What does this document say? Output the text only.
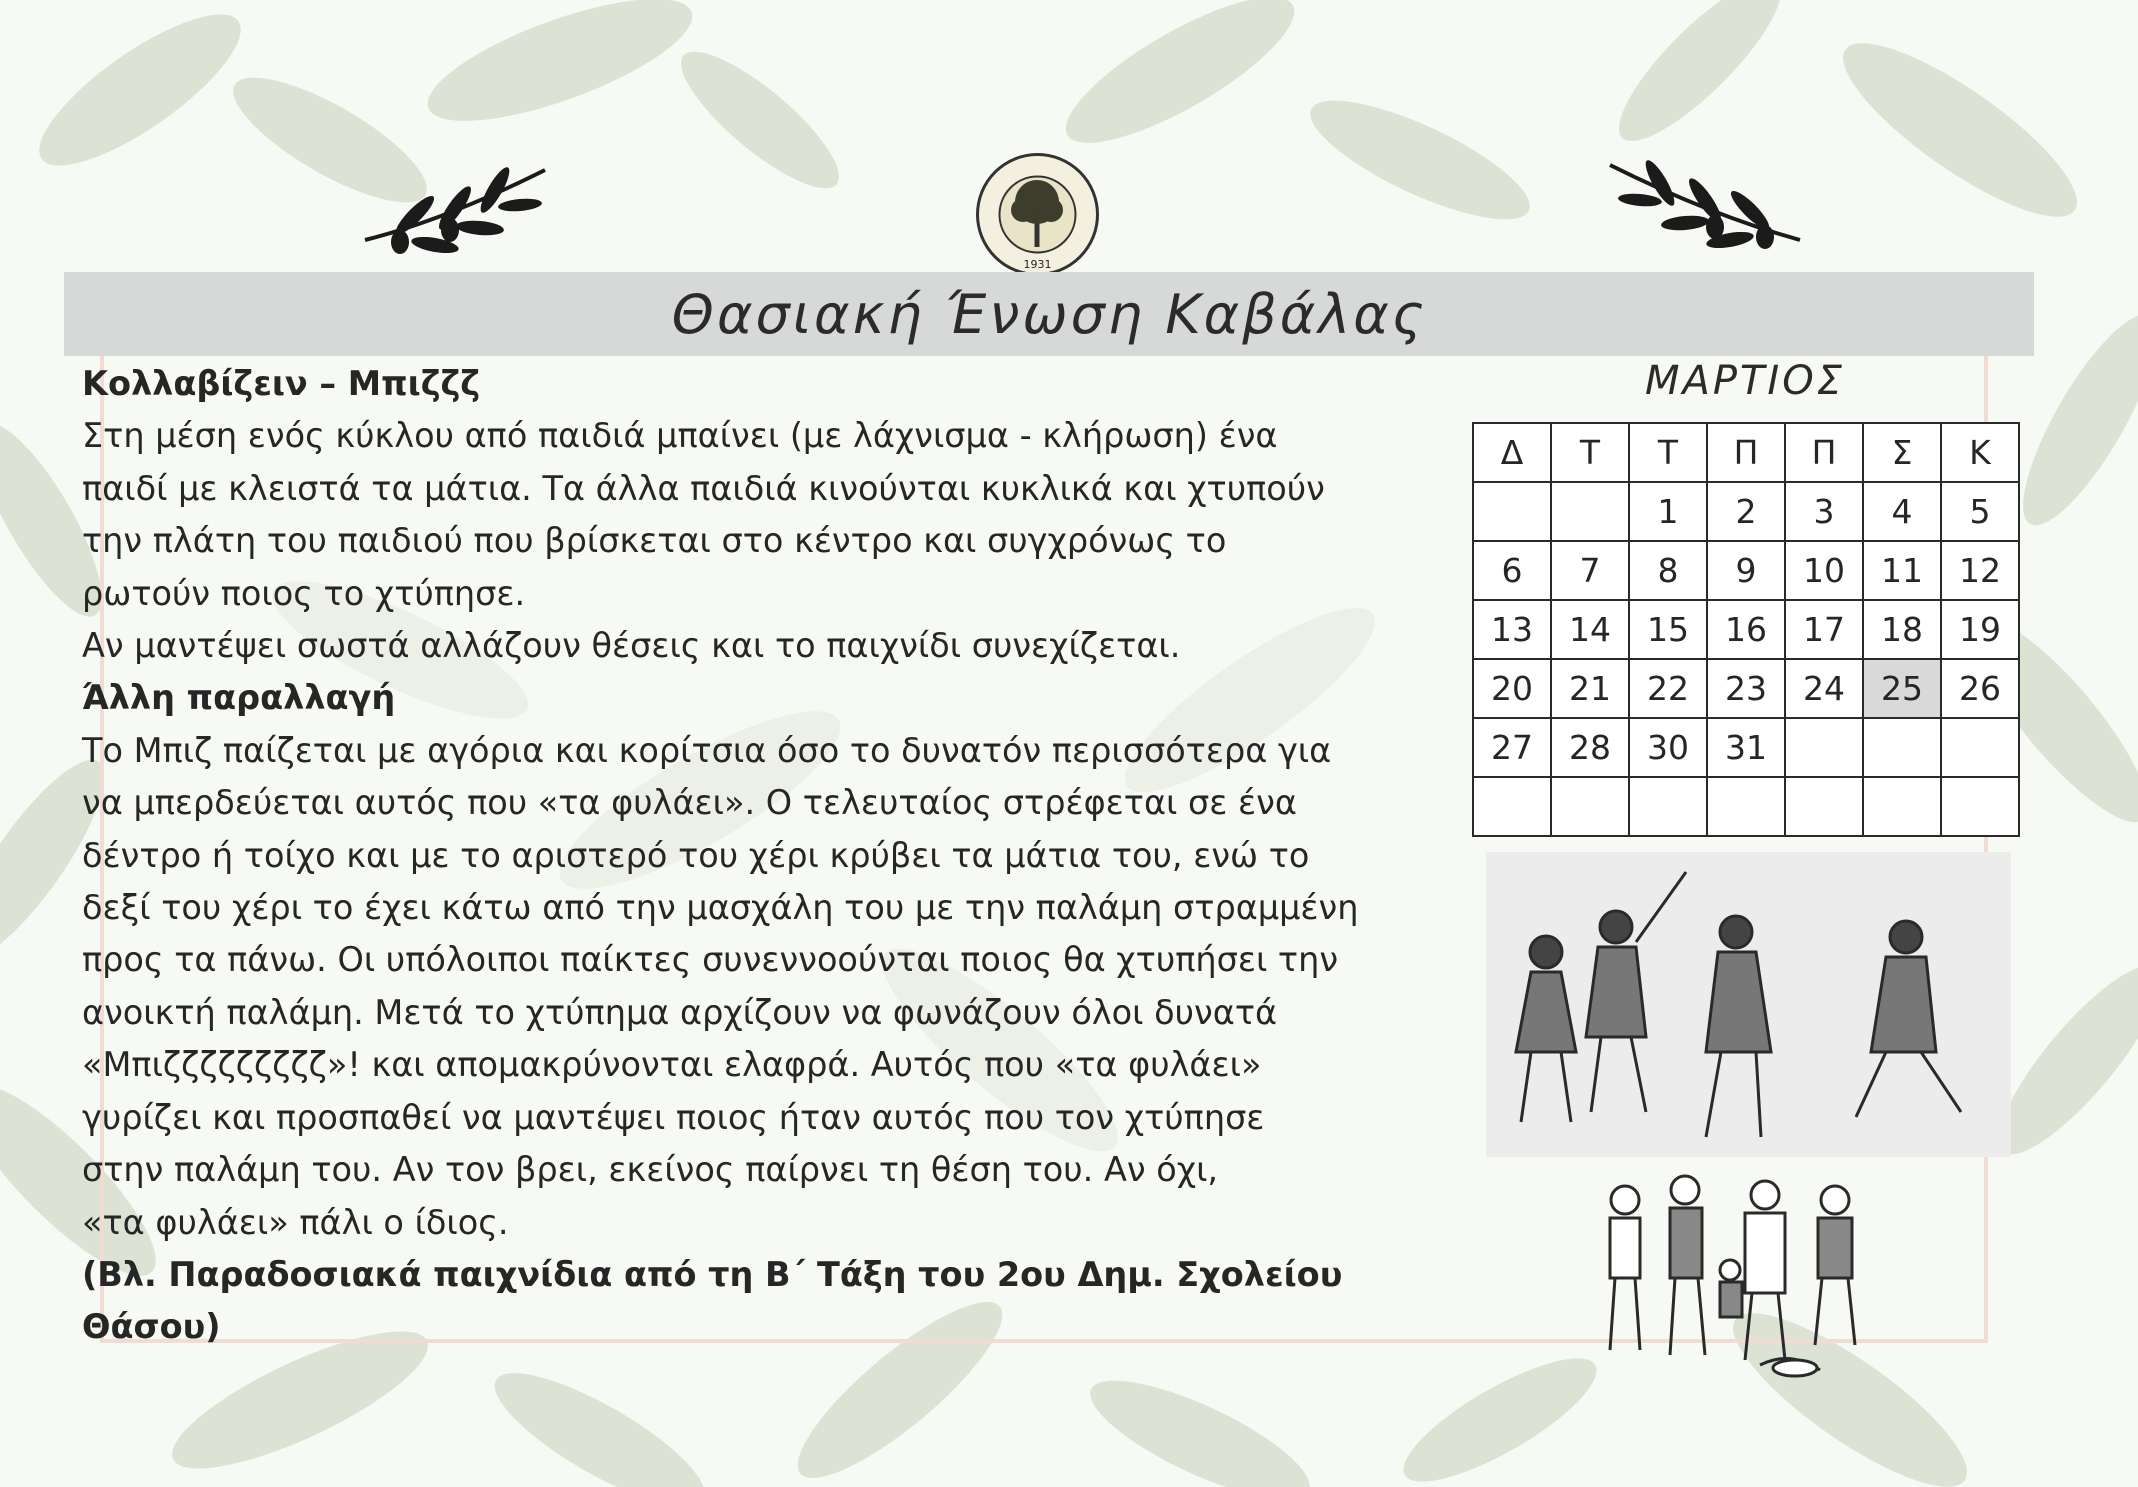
1931
Θασιακή Ένωση Καβάλας

Κολλαβίζειν – Μπιζζζ

Στη μέση ενός κύκλου από παιδιά μπαίνει (με λάχνισμα - κλήρωση) ένα

παιδί με κλειστά τα μάτια. Τα άλλα παιδιά κινούνται κυκλικά και χτυπούν

την πλάτη του παιδιού που βρίσκεται στο κέντρο και συγχρόνως το

ρωτούν ποιος το χτύπησε.

Αν μαντέψει σωστά αλλάζουν θέσεις και το παιχνίδι συνεχίζεται.

Άλλη παραλλαγή

Το Μπιζ παίζεται με αγόρια και κορίτσια όσο το δυνατόν περισσότερα για

να μπερδεύεται αυτός που «τα φυλάει». Ο τελευταίος στρέφεται σε ένα

δέντρο ή τοίχο και με το αριστερό του χέρι κρύβει τα μάτια του, ενώ το

δεξί του χέρι το έχει κάτω από την μασχάλη του με την παλάμη στραμμένη

προς τα πάνω. Οι υπόλοιποι παίκτες συνεννοούνται ποιος θα χτυπήσει την

ανοικτή παλάμη. Μετά το χτύπημα αρχίζουν να φωνάζουν όλοι δυνατά

«Μπιζζζζζζζζζ»! και απομακρύνονται ελαφρά. Αυτός που «τα φυλάει»

γυρίζει και προσπαθεί να μαντέψει ποιος ήταν αυτός που τον χτύπησε

στην παλάμη του. Αν τον βρει, εκείνος παίρνει τη θέση του. Αν όχι,

«τα φυλάει» πάλι ο ίδιος.

(Βλ. Παραδοσιακά παιχνίδια από τη Β΄ Τάξη του 2ου Δημ. Σχολείου

Θάσου)

ΜΑΡΤΙΟΣ
Δ	Τ	Τ	Π	Π	Σ	Κ
		1	2	3	4	5
6	7	8	9	10	11	12
13	14	15	16	17	18	19
20	21	22	23	24	25	26
27	28	30	31			
